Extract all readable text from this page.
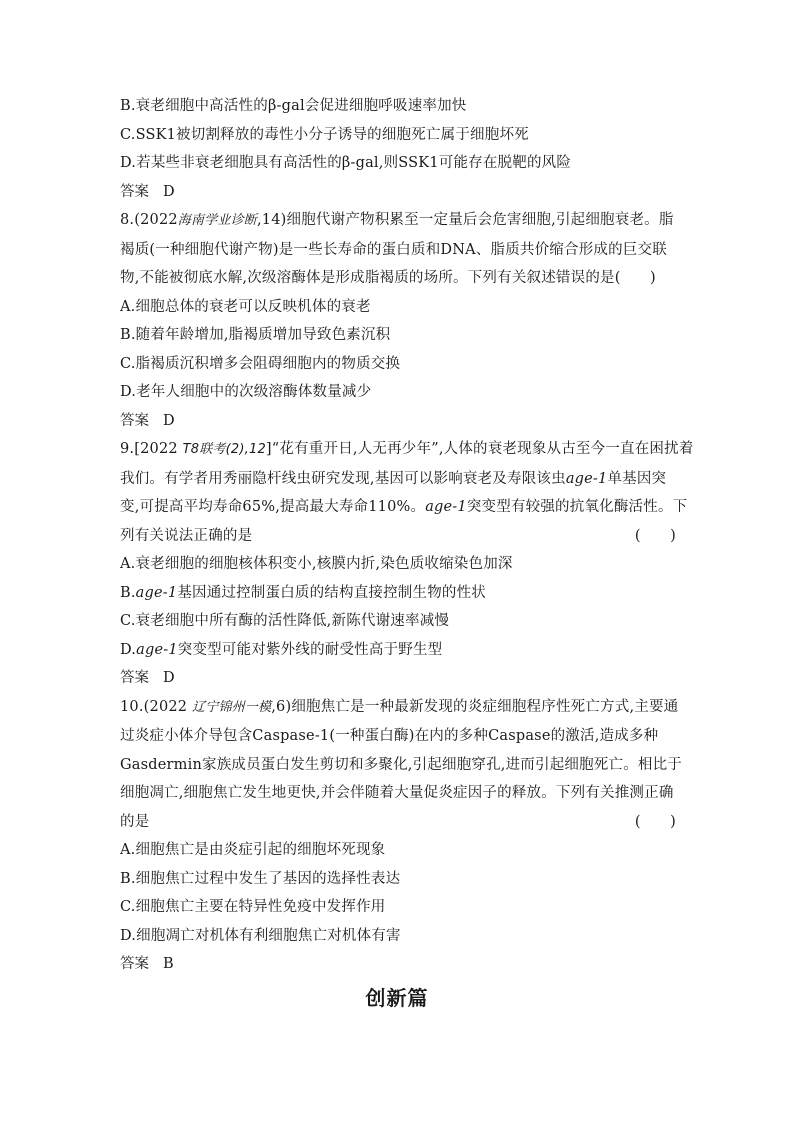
B.衰老细胞中高活性的β-gal会促进细胞呼吸速率加快
C.SSK1被切割释放的毒性小分子诱导的细胞死亡属于细胞坏死
D.若某些非衰老细胞具有高活性的β-gal,则SSK1可能存在脱靶的风险
答案 D
8.(2022海南学业诊断,14)细胞代谢产物积累至一定量后会危害细胞,引起细胞衰老。脂
褐质(一种细胞代谢产物)是一些长寿命的蛋白质和DNA、脂质共价缩合形成的巨交联
物,不能被彻底水解,次级溶酶体是形成脂褐质的场所。下列有关叙述错误的是(　　)
A.细胞总体的衰老可以反映机体的衰老
B.随着年龄增加,脂褐质增加导致色素沉积
C.脂褐质沉积增多会阻碍细胞内的物质交换
D.老年人细胞中的次级溶酶体数量减少
答案 D
9.[2022 T8联考(2),12]“花有重开日,人无再少年”,人体的衰老现象从古至今一直在困扰着
我们。有学者用秀丽隐杆线虫研究发现,基因可以影响衰老及寿限该虫age-1单基因突
变,可提高平均寿命65%,提高最大寿命110%。age-1突变型有较强的抗氧化酶活性。下
列有关说法正确的是	(　　)
A.衰老细胞的细胞核体积变小,核膜内折,染色质收缩染色加深
B.age-1基因通过控制蛋白质的结构直接控制生物的性状
C.衰老细胞中所有酶的活性降低,新陈代谢速率减慢
D.age-1突变型可能对紫外线的耐受性高于野生型
答案 D
10.(2022 辽宁锦州一模,6)细胞焦亡是一种最新发现的炎症细胞程序性死亡方式,主要通
过炎症小体介导包含Caspase-1(一种蛋白酶)在内的多种Caspase的激活,造成多种
Gasdermin家族成员蛋白发生剪切和多聚化,引起细胞穿孔,进而引起细胞死亡。相比于
细胞凋亡,细胞焦亡发生地更快,并会伴随着大量促炎症因子的释放。下列有关推测正确
的是	(　　)
A.细胞焦亡是由炎症引起的细胞坏死现象
B.细胞焦亡过程中发生了基因的选择性表达
C.细胞焦亡主要在特异性免疫中发挥作用
D.细胞凋亡对机体有利细胞焦亡对机体有害
答案 B
创新篇
